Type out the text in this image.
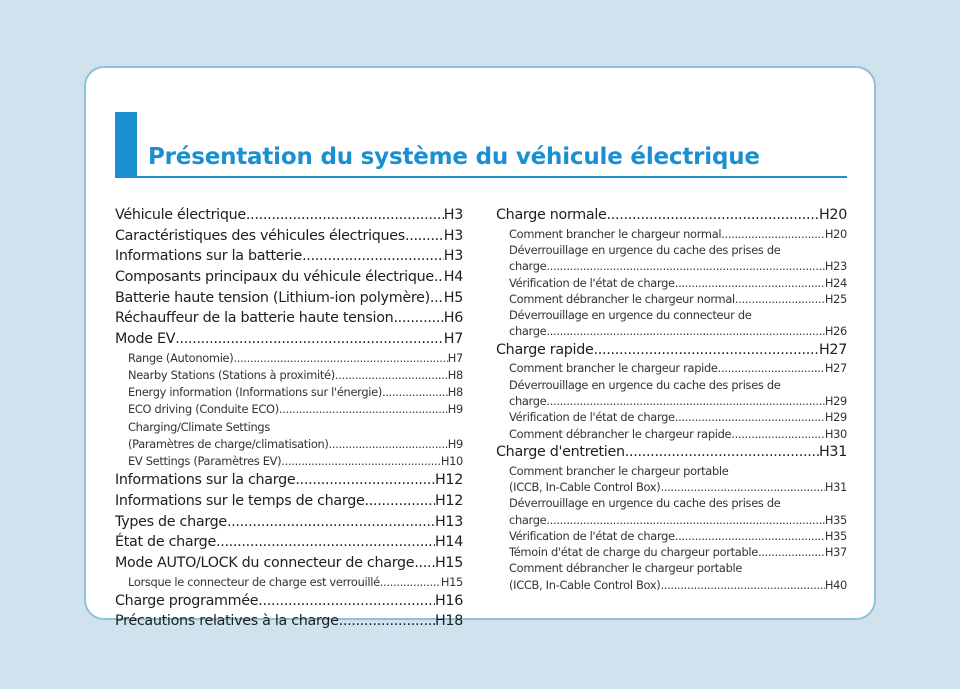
Présentation du système du véhicule électrique
Véhicule électrique .....	H3
Caractéristiques des véhicules électriques .....	H3
Informations sur la batterie .....	H3
Composants principaux du véhicule électrique ..... H4
Batterie haute tension (Lithium-ion polymère) ..... H5
Réchauffeur de la batterie haute tension .....	H6
Mode EV .....	H7
Range (Autonomie) .....	H7
Nearby Stations (Stations à proximité) .....	H8
Energy information (Informations sur l'énergie) .....	H8
ECO driving (Conduite ECO) .....	H9
Charging/Climate Settings
(Paramètres de charge/climatisation) .....	H9
EV Settings (Paramètres EV) .....	H10
Informations sur la charge .....	H12
Informations sur le temps de charge .....	H12
Types de charge .....	H13
État de charge .....	H14
Mode AUTO/LOCK du connecteur de charge ..... H15
Lorsque le connecteur de charge est verrouillé .....	H15
Charge programmée .....	H16
Précautions relatives à la charge .....	H18
Charge normale .....	H20
Comment brancher le chargeur normal .....	H20
Déverrouillage en urgence du cache des prises de
charge .....	H23
Vérification de l'état de charge .....	H24
Comment débrancher le chargeur normal .....	H25
Déverrouillage en urgence du connecteur de
charge .....	H26
Charge rapide .....	H27
Comment brancher le chargeur rapide .....	H27
Déverrouillage en urgence du cache des prises de
charge .....	H29
Vérification de l'état de charge .....	H29
Comment débrancher le chargeur rapide .....	H30
Charge d'entretien .....	H31
Comment brancher le chargeur portable
(ICCB, In-Cable Control Box) .....	H31
Déverrouillage en urgence du cache des prises de
charge .....	H35
Vérification de l'état de charge .....	H35
Témoin d'état de charge du chargeur portable .....	H37
Comment débrancher le chargeur portable
(ICCB, In-Cable Control Box) .....	H40
